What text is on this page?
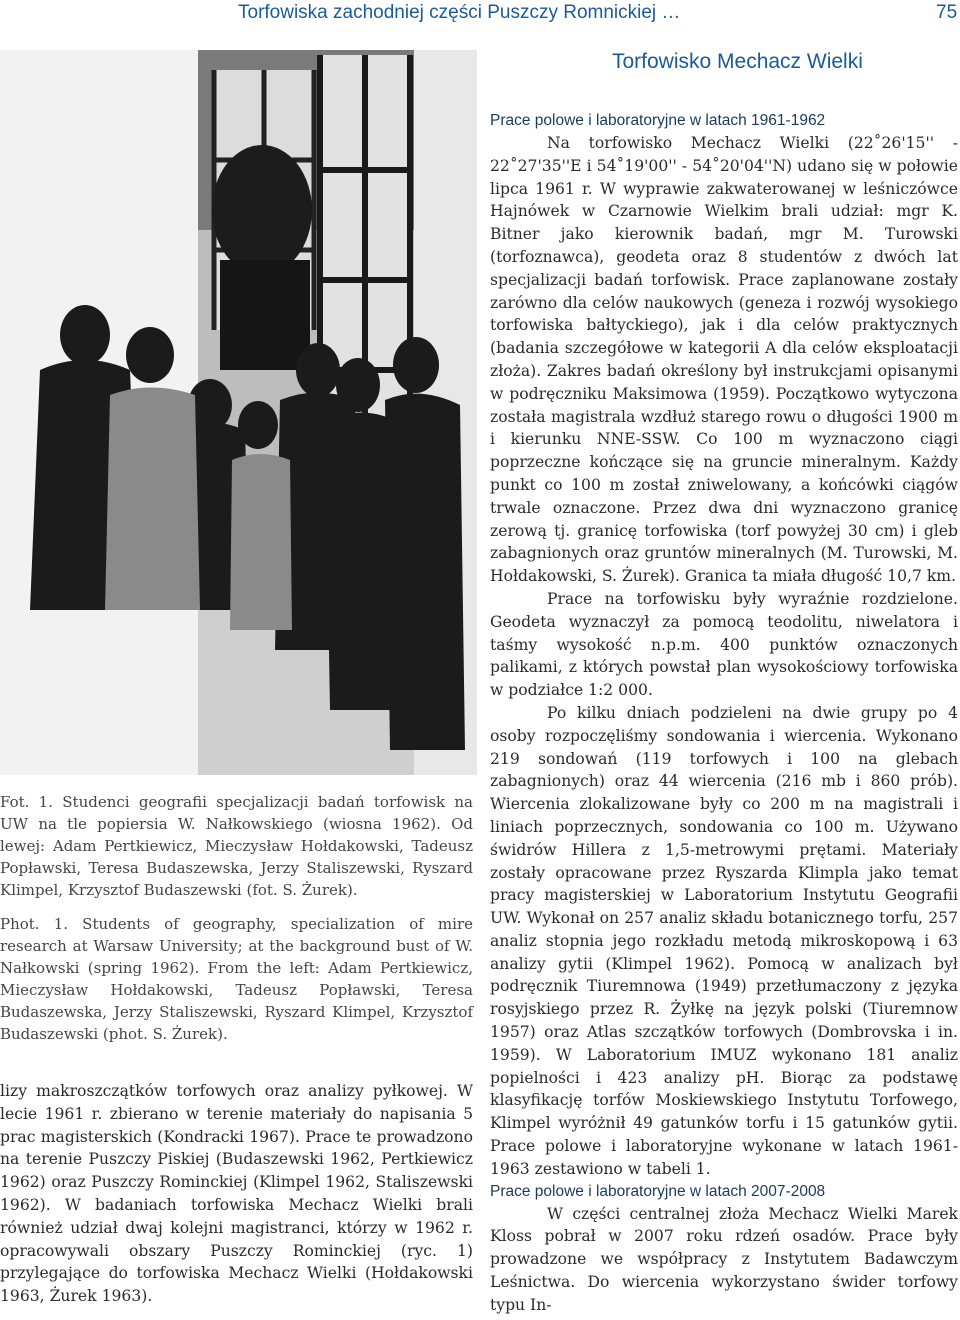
Torfowiska zachodniej części Puszczy Romnickiej …	75

Fot. 1. Studenci geografii specjalizacji badań torfowisk na UW na tle popiersia W. Nałkowskiego (wiosna 1962). Od lewej: Adam Pertkiewicz, Mieczysław Hołdakowski, Tadeusz Popławski, Teresa Budaszewska, Jerzy Staliszewski, Ryszard Klimpel, Krzysztof Budaszewski (fot. S. Żurek).

Phot. 1. Students of geography, specialization of mire research at Warsaw University; at the background bust of W. Nałkowski (spring 1962). From the left: Adam Pertkiewicz, Mieczysław Hołdakowski, Tadeusz Popławski, Teresa Budaszewska, Jerzy Staliszewski, Ryszard Klimpel, Krzysztof Budaszewski (phot. S. Żurek).

lizy makroszczątków torfowych oraz analizy pyłkowej. W lecie 1961 r. zbierano w terenie materiały do napisania 5 prac magisterskich (Kondracki 1967). Prace te prowadzono na terenie Puszczy Piskiej (Budaszewski 1962, Pertkiewicz 1962) oraz Puszczy Rominckiej (Klimpel 1962, Staliszewski 1962). W badaniach torfowiska Mechacz Wielki brali również udział dwaj kolejni magistranci, którzy w 1962 r. opracowywali obszary Puszczy Rominckiej (ryc. 1) przylegające do torfowiska Mechacz Wielki (Hołdakowski 1963, Żurek 1963).

Torfowisko Mechacz Wielki

Prace polowe i laboratoryjne w latach 1961-1962

Na torfowisko Mechacz Wielki (22˚26'15'' - 22˚27'35''E i 54˚19'00'' - 54˚20'04''N) udano się w połowie lipca 1961 r. W wyprawie zakwaterowanej w leśniczówce Hajnówek w Czarnowie Wielkim brali udział: mgr K. Bitner jako kierownik badań, mgr M. Turowski (torfoznawca), geodeta oraz 8 studentów z dwóch lat specjalizacji badań torfowisk. Prace zaplanowane zostały zarówno dla celów naukowych (geneza i rozwój wysokiego torfowiska bałtyckiego), jak i dla celów praktycznych (badania szczegółowe w kategorii A dla celów eksploatacji złoża). Zakres badań określony był instrukcjami opisanymi w podręczniku Maksimowa (1959). Początkowo wytyczona została magistrala wzdłuż starego rowu o długości 1900 m i kierunku NNE-SSW. Co 100 m wyznaczono ciągi poprzeczne kończące się na gruncie mineralnym. Każdy punkt co 100 m został zniwelowany, a końcówki ciągów trwale oznaczone. Przez dwa dni wyznaczono granicę zerową tj. granicę torfowiska (torf powyżej 30 cm) i gleb zabagnionych oraz gruntów mineralnych (M. Turowski, M. Hołdakowski, S. Żurek). Granica ta miała długość 10,7 km.

Prace na torfowisku były wyraźnie rozdzielone. Geodeta wyznaczył za pomocą teodolitu, niwelatora i taśmy wysokość n.p.m. 400 punktów oznaczonych palikami, z których powstał plan wysokościowy torfowiska w podziałce 1:2 000.

Po kilku dniach podzieleni na dwie grupy po 4 osoby rozpoczęliśmy sondowania i wiercenia. Wykonano 219 sondowań (119 torfowych i 100 na glebach zabagnionych) oraz 44 wiercenia (216 mb i 860 prób). Wiercenia zlokalizowane były co 200 m na magistrali i liniach poprzecznych, sondowania co 100 m. Używano świdrów Hillera z 1,5-metrowymi prętami. Materiały zostały opracowane przez Ryszarda Klimpla jako temat pracy magisterskiej w Laboratorium Instytutu Geografii UW. Wykonał on 257 analiz składu botanicznego torfu, 257 analiz stopnia jego rozkładu metodą mikroskopową i 63 analizy gytii (Klimpel 1962). Pomocą w analizach był podręcznik Tiuremnowa (1949) przetłumaczony z języka rosyjskiego przez R. Żyłkę na język polski (Tiuremnow 1957) oraz Atlas szczątków torfowych (Dombrovska i in. 1959). W Laboratorium IMUZ wykonano 181 analiz popielności i 423 analizy pH. Biorąc za podstawę klasyfikację torfów Moskiewskiego Instytutu Torfowego, Klimpel wyróżnił 49 gatunków torfu i 15 gatunków gytii. Prace polowe i laboratoryjne wykonane w latach 1961-1963 zestawiono w tabeli 1.

Prace polowe i laboratoryjne w latach 2007-2008

W części centralnej złoża Mechacz Wielki Marek Kloss pobrał w 2007 roku rdzeń osadów. Prace były prowadzone we współpracy z Instytutem Badawczym Leśnictwa. Do wiercenia wykorzystano świder torfowy typu In-
